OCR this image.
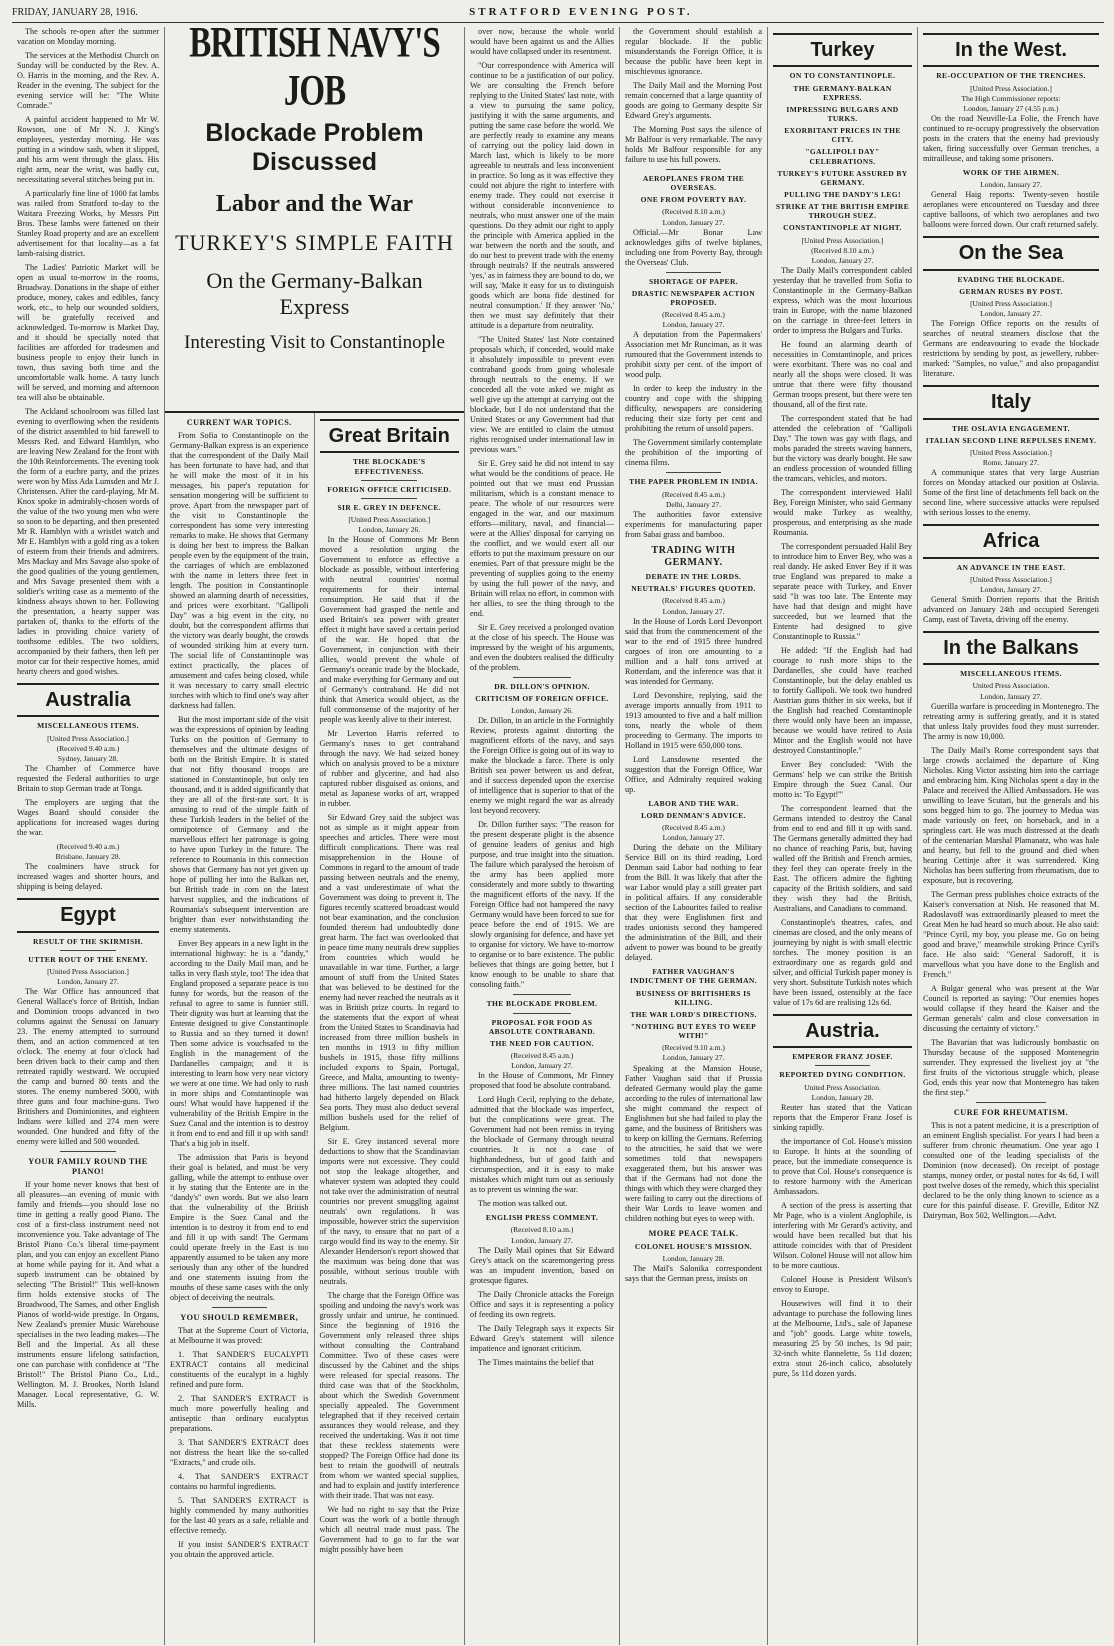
FRIDAY, JANUARY 28, 1916.	STRATFORD EVENING POST.

The schools re-open after the summer vacation on Monday morning.

The services at the Methodist Church on Sunday will be conducted by the Rev. A. O. Harris in the morning, and the Rev. A. Reader in the evening. The subject for the evening service will be: "The White Comrade."

A painful accident happened to Mr W. Rowson, one of Mr N. J. King's employees, yesterday morning. He was putting in a window sash, when it slipped, and his arm went through the glass. His right arm, near the wrist, was badly cut, necessitating several stitches being put in.

A particularly fine line of 1000 fat lambs was railed from Stratford to-day to the Waitara Freezing Works, by Messrs Pitt Bros. These lambs were fattened on their Stanley Road property and are an excellent advertisement for that locality—as a fat lamb-raising district.

The Ladies' Patriotic Market will be open as usual to-morrow in the rooms, Broadway. Donations in the shape of either produce, money, cakes and edibles, fancy work, etc., to help our wounded soldiers, will be gratefully received and acknowledged. To-morrow is Market Day, and it should be specially noted that facilities are afforded for tradesmen and business people to enjoy their lunch in town, thus saving both time and the uncomfortable walk home. A tasty lunch will be served, and morning and afternoon tea will also be obtainable.

The Ackland schoolroom was filled last evening to overflowing when the residents of the district assembled to bid farewell to Messrs Red. and Edward Hamblyn, who are leaving New Zealand for the front with the 10th Reinforcements. The evening took the form of a euchre party, and the prizes were won by Miss Ada Lumsden and Mr J. Christensen. After the card-playing, Mr M. Knox spoke in admirably-chosen words of the value of the two young men who were so soon to be departing, and then presented Mr R. Hamblyn with a wristlet watch and Mr E. Hamblyn with a gold ring as a token of esteem from their friends and admirers. Mrs Mackay and Mrs Savage also spoke of the good qualities of the young gentlemen, and Mrs Savage presented them with a soldier's writing case as a memento of the kindness always shown to her. Following the presentation, a hearty supper was partaken of, thanks to the efforts of the ladies in providing choice variety of toothsome edibles. The two soldiers, accompanied by their fathers, then left per motor car for their respective homes, amid hearty cheers and good wishes.

Australia
MISCELLANEOUS ITEMS.
[United Press Association.]
(Received 9.40 a.m.)
Sydney, January 28.

The Chamber of Commerce have requested the Federal authorities to urge Britain to stop German trade at Tonga.

The employers are urging that the Wages Board should consider the applications for increased wages during the war.

(Received 9.40 a.m.)
Brisbane, January 28.

The coalminers have struck for increased wages and shorter hours, and shipping is being delayed.

Egypt
RESULT OF THE SKIRMISH.
UTTER ROUT OF THE ENEMY.
[United Press Association.]
London, January 27.

The War Office has announced that General Wallace's force of British, Indian and Dominion troops advanced in two columns against the Senussi on January 23. The enemy attempted to surround them, and an action commenced at ten o'clock. The enemy at four o'clock had been driven back to their camp and then retreated rapidly westward. We occupied the camp and burned 80 tents and the stores. The enemy numbered 5000, with three guns and four machine-guns. Two Britishers and Dominionites, and eighteen Indians were killed and 274 men were wounded. One hundred and fifty of the enemy were killed and 500 wounded.

YOUR FAMILY ROUND THE PIANO!

If your home never knows that best of all pleasures—an evening of music with family and friends—you should lose no time in getting a really good Piano. The cost of a first-class instrument need not inconvenience you. Take advantage of The Bristol Piano Co.'s liberal time-payment plan, and you can enjoy an excellent Piano at home while paying for it. And what a superb instrument can be obtained by selecting "The Bristol!" This well-known firm holds extensive stocks of The Broadwood, The Sames, and other English Pianos of world-wide prestige. In Organs, New Zealand's premier Music Warehouse specialises in the two leading makes—The Bell and the Imperial. As all these instruments ensure lifelong satisfaction, one can purchase with confidence at "The Bristol!" The Bristol Piano Co., Ltd., Wellington. M. J. Brookes, North Island Manager. Local representative, G. W. Mills.

BRITISH NAVY'S JOB
Blockade Problem Discussed
Labor and the War
TURKEY'S SIMPLE FAITH
On the Germany-Balkan Express
Interesting Visit to Constantinople
CURRENT WAR TOPICS.

From Sofia to Constantinople on the Germany-Balkan express is an experience that the correspondent of the Daily Mail has been fortunate to have had, and that he will make the most of it in his messages, his paper's reputation for sensation mongering will be sufficient to prove. Apart from the newspaper part of the visit to Constantinople the correspondent has some very interesting remarks to make. He shows that Germany is doing her best to impress the Balkan people even by the equipment of the train, the carriages of which are emblazoned with the name in letters three feet in length. The position in Constantinople showed an alarming dearth of necessities, and prices were exorbitant. "Gallipoli Day" was a big event in the city, no doubt, but the correspondent affirms that the victory was dearly bought, the crowds of wounded striking him at every turn. The social life of Constantinople was extinct practically, the places of amusement and cafes being closed, while it was necessary to carry small electric torches with which to find one's way after darkness had fallen.

But the most important side of the visit was the expressions of opinion by leading Turks on the position of Germany to themselves and the ultimate designs of both on the British Empire. It is stated that not fifty thousand troops are stationed in Constantinople, but only ten thousand, and it is added significantly that they are all of the first-rate sort. It is amusing to read of the simple faith of these Turkish leaders in the belief of the omnipotence of Germany and the marvellous effect her patronage is going to have upon Turkey in the future. The reference to Roumania in this connection shows that Germany has not yet given up hope of pulling her into the Balkan net, but British trade in corn on the latest harvest supplies, and the indications of Roumania's subsequent intervention are brighter than ever notwithstanding the enemy statements.

Enver Bey appears in a new light in the international highway: he is a "dandy," according to the Daily Mail man, and he talks in very flash style, too! The idea that England proposed a separate peace is too funny for words, but the reason of the refusal to agree to same is funnier still. Their dignity was hurt at learning that the Entente designed to give Constantinople to Russia and so they turned it down! Then some advice is vouchsafed to the English in the management of the Dardanelles campaign; and it is interesting to learn how very near victory we were at one time. We had only to rush in more ships and Constantinople was ours! What would have happened if the vulnerability of the British Empire in the Suez Canal and the intention is to destroy it from end to end and fill it up with sand! That's a big job in itself.

The admission that Paris is beyond their goal is belated, and must be very galling, while the attempt to enthuse over it by stating that the Entente are in the "dandy's" own words. But we also learn that the vulnerability of the British Empire is the Suez Canal and the intention is to destroy it from end to end and fill it up with sand! The Germans could operate freely in the East is too apparently assumed to be taken any more seriously than any other of the hundred and one statements issuing from the mouths of these same cases with the only object of deceiving the neutrals.

YOU SHOULD REMEMBER,

That at the Supreme Court of Victoria, at Melbourne it was proved:

1. That SANDER'S EUCALYPTI EXTRACT contains all medicinal constituents of the eucalypt in a highly refined and pure form.

2. That SANDER'S EXTRACT is much more powerfully healing and antiseptic than ordinary eucalyptus preparations.

3. That SANDER'S EXTRACT does not distress the heart like the so-called "Extracts," and crude oils.

4. That SANDER'S EXTRACT contains no harmful ingredients.

5. That SANDER'S EXTRACT is highly commended by many authorities for the last 40 years as a safe, reliable and effective remedy.

If you insist SANDER'S EXTRACT you obtain the approved article.

Great Britain
THE BLOCKADE'S EFFECTIVENESS.
FOREIGN OFFICE CRITICISED.
SIR E. GREY IN DEFENCE.
[United Press Association.]
London, January 26.

In the House of Commons Mr Benn moved a resolution urging the Government to enforce as effective a blockade as possible, without interfering with neutral countries' normal requirements for their internal consumption. He said that if the Government had grasped the nettle and used Britain's sea power with greater effect it might have saved a certain period of the war. He hoped that the Government, in conjunction with their allies, would prevent the whole of Germany's oceanic trade by the blockade, and make everything for Germany and out of Germany's contraband. He did not think that America would object, as the full commonsense of the majority of her people was keenly alive to their interest.

Mr Leverton Harris referred to Germany's ruses to get contraband through the navy. We had seized honey which on analysis proved to be a mixture of rubber and glycerine, and had also captured rubber disguised as onions, and metal as Japanese works of art, wrapped in rubber.

Sir Edward Grey said the subject was not as simple as it might appear from speeches and articles. There were most difficult complications. There was real misapprehension in the House of Commons in regard to the amount of trade passing between neutrals and the enemy, and a vast underestimate of what the Government was doing to prevent it. The figures recently scattered broadcast would not bear examination, and the conclusion founded thereon had undoubtedly done great harm. The fact was overlooked that in peace time many neutrals drew supplies from countries which would be unavailable in war time. Further, a large amount of stuff from the United States that was believed to be destined for the enemy had never reached the neutrals as it was in British prize courts. In regard to the statements that the export of wheat from the United States to Scandinavia had increased from three million bushels in ten months in 1913 to fifty million bushels in 1915, those fifty millions included exports to Spain, Portugal, Greece, and Malta, amounting to twenty-three millions. The last named countries had hitherto largely depended on Black Sea ports. They must also deduct several million bushels used for the relief of Belgium.

Sir E. Grey instanced several more deductions to show that the Scandinavian imports were not excessive. They could not stop the leakage altogether, and whatever system was adopted they could not take over the administration of neutral countries nor prevent smuggling against neutrals' own regulations. It was impossible, however strict the supervision of the navy, to ensure that no part of a cargo would find its way to the enemy. Sir Alexander Henderson's report showed that the maximum was being done that was possible, without serious trouble with neutrals.

The charge that the Foreign Office was spoiling and undoing the navy's work was grossly unfair and untrue, he continued. Since the beginning of 1916 the Government only released three ships without consulting the Contraband Committee. Two of these cases were discussed by the Cabinet and the ships were released for special reasons. The third case was that of the Stockholm, about which the Swedish Government specially appealed. The Government telegraphed that if they received certain assurances they would release, and they received the undertaking. Was it not time that these reckless statements were stopped? The Foreign Office had done its best to retain the goodwill of neutrals from whom we wanted special supplies, and had to explain and justify interference with their trade. That was not easy.

We had no right to say that the Prize Court was the work of a bottle through which all neutral trade must pass. The Government had to go to far the war might possibly have been

over now, because the whole world would have been against us and the Allies would have collapsed under its resentment.

"Our correspondence with America will continue to be a justification of our policy. We are consulting the French before replying to the United States' last note, with a view to pursuing the same policy, justifying it with the same arguments, and putting the same case before the world. We are perfectly ready to examine any means of carrying out the policy laid down in March last, which is likely to be more agreeable to neutrals and less inconvenient in practice. So long as it was effective they could not abjure the right to interfere with enemy trade. They could not exercise it without considerable inconvenience to neutrals, who must answer one of the main questions. Do they admit our right to apply the principle with America applied in the war between the north and the south, and do our best to prevent trade with the enemy through neutrals? If the neutrals answered 'yes,' as in fairness they are bound to do, we will say, 'Make it easy for us to distinguish goods which are bona fide destined for neutral consumption.' If they answer 'No,' then we must say definitely that their attitude is a departure from neutrality.

"The United States' last Note contained proposals which, if conceded, would make it absolutely impossible to prevent even contraband goods from going wholesale through neutrals to the enemy. If we conceded all the vote asked we might as well give up the attempt at carrying out the blockade, but I do not understand that the United States or any Government had that view. We are entitled to claim the utmost rights recognised under international law in previous wars."

Sir E. Grey said he did not intend to say what would be the conditions of peace. He pointed out that we must end Prussian militarism, which is a constant menace to peace. The whole of our resources were engaged in the war, and our maximum efforts—military, naval, and financial—were at the Allies' disposal for carrying on the conflict, and we would exert all our efforts to put the maximum pressure on our enemies. Part of that pressure might be the preventing of supplies going to the enemy by using the full power of the navy, and Britain will relax no effort, in common with her allies, to see the thing through to the end.

Sir E. Grey received a prolonged ovation at the close of his speech. The House was impressed by the weight of his arguments, and even the doubters realised the difficulty of the problem.

DR. DILLON'S OPINION.
CRITICISM OF FOREIGN OFFICE.
London, January 26.

Dr. Dillon, in an article in the Fortnightly Review, protests against distorting the magnificent efforts of the navy, and says the Foreign Office is going out of its way to make the blockade a farce. There is only British sea power between us and defeat, and if success depended upon the exercise of intelligence that is superior to that of the enemy we might regard the war as already lost beyond recovery.

Dr. Dillon further says: "The reason for the present desperate plight is the absence of genuine leaders of genius and high purpose, and true insight into the situation. The failure which paralysed the heroism of the army has been applied more considerately and more subtly to thwarting the magnificent efforts of the navy. If the Foreign Office had not hampered the navy Germany would have been forced to sue for peace before the end of 1915. We are slowly organising for defence, and have yet to organise for victory. We have to-morrow to organise or to bare existence. The public believes that things are going better, but I know enough to be unable to share that consoling faith."

THE BLOCKADE PROBLEM.
PROPOSAL FOR FOOD AS ABSOLUTE CONTRABAND.
THE NEED FOR CAUTION.
(Received 8.45 a.m.)
London, January 27.

In the House of Commons, Mr Finney proposed that food be absolute contraband.

Lord Hugh Cecil, replying to the debate, admitted that the blockade was imperfect, but the complications were great. The Government had not been remiss in trying the blockade of Germany through neutral countries. It is not a case of highhandedness, but of good faith and circumspection, and it is easy to make mistakes which might turn out as seriously as to prevent us winning the war.

The motion was talked out.

ENGLISH PRESS COMMENT.
(Received 8.10 a.m.)
London, January 27.

The Daily Mail opines that Sir Edward Grey's attack on the scaremongering press was an impudent invention, based on grotesque figures.

The Daily Chronicle attacks the Foreign Office and says it is representing a policy of feeding its own regrets.

The Daily Telegraph says it expects Sir Edward Grey's statement will silence impatience and ignorant criticism.

The Times maintains the belief that

the Government should establish a regular blockade. If the public misunderstands the Foreign Office, it is because the public have been kept in mischievous ignorance.

The Daily Mail and the Morning Post remain concerned that a large quantity of goods are going to Germany despite Sir Edward Grey's arguments.

The Morning Post says the silence of Mr Balfour is very remarkable. The navy holds Mr Balfour responsible for any failure to use his full powers.

AEROPLANES FROM THE OVERSEAS.
ONE FROM POVERTY BAY.
(Received 8.10 a.m.)
London, January 27.

Official.—Mr Bonar Law acknowledges gifts of twelve biplanes, including one from Poverty Bay, through the Overseas' Club.

SHORTAGE OF PAPER.
DRASTIC NEWSPAPER ACTION PROPOSED.
(Received 8.45 a.m.)
London, January 27.

A deputation from the Papermakers' Association met Mr Runciman, as it was rumoured that the Government intends to prohibit sixty per cent. of the import of wood pulp.

In order to keep the industry in the country and cope with the shipping difficulty, newspapers are considering reducing their size forty per cent and prohibiting the return of unsold papers.

The Government similarly contemplate the prohibition of the importing of cinema films.

THE PAPER PROBLEM IN INDIA.
(Received 8.45 a.m.)
Delhi, January 27.

The authorities favor extensive experiments for manufacturing paper from Sabai grass and bamboo.

TRADING WITH GERMANY.
DEBATE IN THE LORDS.
NEUTRALS' FIGURES QUOTED.
(Received 8.45 a.m.)
London, January 27.

In the House of Lords Lord Devonport said that from the commencement of the war to the end of 1915 three hundred cargoes of iron ore amounting to a million and a half tons arrived at Rotterdam, and the inference was that it was intended for Germany.

Lord Devonshire, replying, said the average imports annually from 1911 to 1913 amounted to five and a half million tons, nearly the whole of them proceeding to Germany. The imports to Holland in 1915 were 650,000 tons.

Lord Lansdowne resented the suggestion that the Foreign Office, War Office, and Admiralty required waking up.

LABOR AND THE WAR.
LORD DENMAN'S ADVICE.
(Received 8.45 a.m.)
London, January 27.

During the debate on the Military Service Bill on its third reading, Lord Denman said Labor had nothing to fear from the Bill. It was likely that after the war Labor would play a still greater part in political affairs. If any considerable section of the Labourites failed to realise that they were Englishmen first and trades unionists second they hampered the administration of the Bill, and their advent to power was bound to be greatly delayed.

FATHER VAUGHAN'S INDICTMENT OF THE GERMAN.
BUSINESS OF BRITISHERS IS KILLING.
THE WAR LORD'S DIRECTIONS.
"NOTHING BUT EYES TO WEEP WITH!"
(Received 9.10 a.m.)
London, January 27.

Speaking at the Mansion House, Father Vaughan said that if Prussia defeated Germany would play the game according to the rules of international law she might command the respect of Englishmen but she had failed to play the game, and the business of Britishers was to keep on killing the Germans. Referring to the atrocities, he said that we were sometimes told that newspapers exaggerated them, but his answer was that if the Germans had not done the things with which they were charged they were failing to carry out the directions of their War Lords to leave women and children nothing but eyes to weep with.

MORE PEACE TALK.
COLONEL HOUSE'S MISSION.
London, January 28.

The Mail's Salonika correspondent says that the German press, insists on

Turkey
ON TO CONSTANTINOPLE.
THE GERMANY-BALKAN EXPRESS.
IMPRESSING BULGARS AND TURKS.
EXORBITANT PRICES IN THE CITY.
"GALLIPOLI DAY" CELEBRATIONS.
TURKEY'S FUTURE ASSURED BY GERMANY.
PULLING THE DANDY'S LEG!
STRIKE AT THE BRITISH EMPIRE THROUGH SUEZ.
CONSTANTINOPLE AT NIGHT.
[United Press Association.]
(Received 8.10 a.m.)
London, January 27.

The Daily Mail's correspondent cabled yesterday that he travelled from Sofia to Constantinople in the Germany-Balkan express, which was the most luxurious train in Europe, with the name blazoned on the carriage in three-feet letters in order to impress the Bulgars and Turks.

He found an alarming dearth of necessities in Constantinople, and prices were exorbitant. There was no coal and nearly all the shops were closed. It was untrue that there were fifty thousand German troops present, but there were ten thousand, all of the first rate.

The correspondent stated that he had attended the celebration of "Gallipoli Day." The town was gay with flags, and mobs paraded the streets waving banners, but the victory was dearly bought. He saw an endless procession of wounded filling the tramcars, vehicles, and motors.

The correspondent interviewed Halil Bey, Foreign Minister, who said Germany would make Turkey as wealthy, prosperous, and enterprising as she made Roumania.

The correspondent persuaded Halil Bey to introduce him to Enver Bey, who was a real dandy. He asked Enver Bey if it was true England was prepared to make a separate peace with Turkey, and Enver said "It was too late. The Entente may have had that design and might have succeeded, but we learned that the Entente had designed to give Constantinople to Russia."

He added: "If the English had had courage to rush more ships to the Dardanelles, she could have reached Constantinople, but the delay enabled us to fortify Gallipoli. We took two hundred Austrian guns thither in six weeks, but if the English had reached Constantinople there would only have been an impasse, because we would have retired to Asia Minor and the English would not have destroyed Constantinople."

Enver Bey concluded: "With the Germans' help we can strike the British Empire through the Suez Canal. Our motto is: 'To Egypt!'"

The correspondent learned that the Germans intended to destroy the Canal from end to end and fill it up with sand. The Germans generally admitted they had no chance of reaching Paris, but, having walled off the British and French armies, they feel they can operate freely in the East. The officers admire the fighting capacity of the British soldiers, and said they wish they had the British, Australians, and Canadians to command.

Constantinople's theatres, cafes, and cinemas are closed, and the only means of journeying by night is with small electric torches. The money position is an extraordinary one as regards gold and silver, and official Turkish paper money is very short. Substitute Turkish notes which have been issued, ostensibly at the face value of 17s 6d are realising 12s 6d.

Austria.
EMPEROR FRANZ JOSEF.
REPORTED DYING CONDITION.
United Press Association.
London, January 28.

Reuter has stated that the Vatican reports that the Emperor Franz Josef is sinking rapidly.

the importance of Col. House's mission to Europe. It hints at the sounding of peace, but the immediate consequence is to prove that Col. House's consequence is to restore harmony with the American Ambassadors.

A section of the press is asserting that Mr Page, who is a violent Anglophile, is interfering with Mr Gerard's activity, and would have been recalled but that his attitude coincides with that of President Wilson. Colonel House will not allow him to be more cautious.

Colonel House is President Wilson's envoy to Europe.

Housewives will find it to their advantage to purchase the following lines at the Melbourne, Ltd's., sale of Japanese and "job" goods. Large white towels, measuring 25 by 50 inches, 1s 9d pair; 32-inch white flannelette, 5s 11d dozen; extra stout 26-inch calico, absolutely pure, 5s 11d dozen yards.

In the West.
RE-OCCUPATION OF THE TRENCHES.
[United Press Association.]
The High Commissioner reports:
London, January 27 (4.55 p.m.)

On the road Neuville-La Folie, the French have continued to re-occupy progressively the observation posts in the craters that the enemy had previously taken, firing successfully over German trenches, a mitrailleuse, and taking some prisoners.

WORK OF THE AIRMEN.
London, January 27.

General Haig reports: Twenty-seven hostile aeroplanes were encountered on Tuesday and three captive balloons, of which two aeroplanes and two balloons were forced down. Our craft returned safely.

On the Sea
EVADING THE BLOCKADE.
GERMAN RUSES BY POST.
[United Press Association.]
London, January 27.

The Foreign Office reports on the results of searches of neutral steamers disclose that the Germans are endeavouring to evade the blockade restrictions by sending by post, as jewellery, rubber-marked: "Samples, no value," and also propagandist literature.

Italy
THE OSLAVIA ENGAGEMENT.
ITALIAN SECOND LINE REPULSES ENEMY.
[United Press Association.]
Rome, January 27.

A communique states that very large Austrian forces on Monday attacked our position at Oslavia. Some of the first line of detachments fell back on the second line, where successive attacks were repulsed with serious losses to the enemy.

Africa
AN ADVANCE IN THE EAST.
[United Press Association.]
London, January 27.

General Smith Dorrien reports that the British advanced on January 24th and occupied Serengeti Camp, east of Taveta, driving off the enemy.

In the Balkans
MISCELLANEOUS ITEMS.
United Press Association.
London, January 27.

Guerilla warfare is proceeding in Montenegro. The retreating army is suffering greatly, and it is stated that unless Italy provides food they must surrender. The army is now 10,000.

The Daily Mail's Rome correspondent says that large crowds acclaimed the departure of King Nicholas. King Victor assisting him into the carriage and embracing him. King Nicholas spent a day in the Palace and received the Allied Ambassadors. He was unwilling to leave Scutari, but the generals and his sons begged him to go. The journey to Medua was made variously on feet, on horseback, and in a springless cart. He was much distressed at the death of the centenarian Marshal Plamanatz, who was hale and hearty, but fell to the ground and died when hearing Cettinje after it was surrendered. King Nicholas has been suffering from rheumatism, due to exposure, but is recovering.

The German press publishes choice extracts of the Kaiser's conversation at Nish. He reasoned that M. Radoslavoff was extraordinarily pleased to meet the Great Men he had heard so much about. He also said: "Prince Cyril, my boy, you please me. Go on being good and brave," meanwhile stroking Prince Cyril's face. He also said: "General Sadoroff, it is marvellous what you have done to the English and French."

A Bulgar general who was present at the War Council is reported as saying: "Our enemies hopes would collapse if they heard the Kaiser and the German generals' calm and close conversation in discussing the certainty of victory."

The Bavarian that was ludicrously bombastic on Thursday because of the supposed Montenegrin surrender. They expressed the liveliest joy at "the first fruits of the victorious struggle which, please God, ends this year now that Montenegro has taken the first step."

CURE FOR RHEUMATISM.

This is not a patent medicine, it is a prescription of an eminent English specialist. For years I had been a sufferer from chronic rheumatism. One year ago I consulted one of the leading specialists of the Dominion (now deceased). On receipt of postage stamps, money order, or postal notes for 4s 6d, I will post twelve doses of the remedy, which this specialist declared to be the only thing known to science as a cure for this painful disease. F. Greville, Editor NZ Dairyman, Box 502, Wellington.—Advt.
